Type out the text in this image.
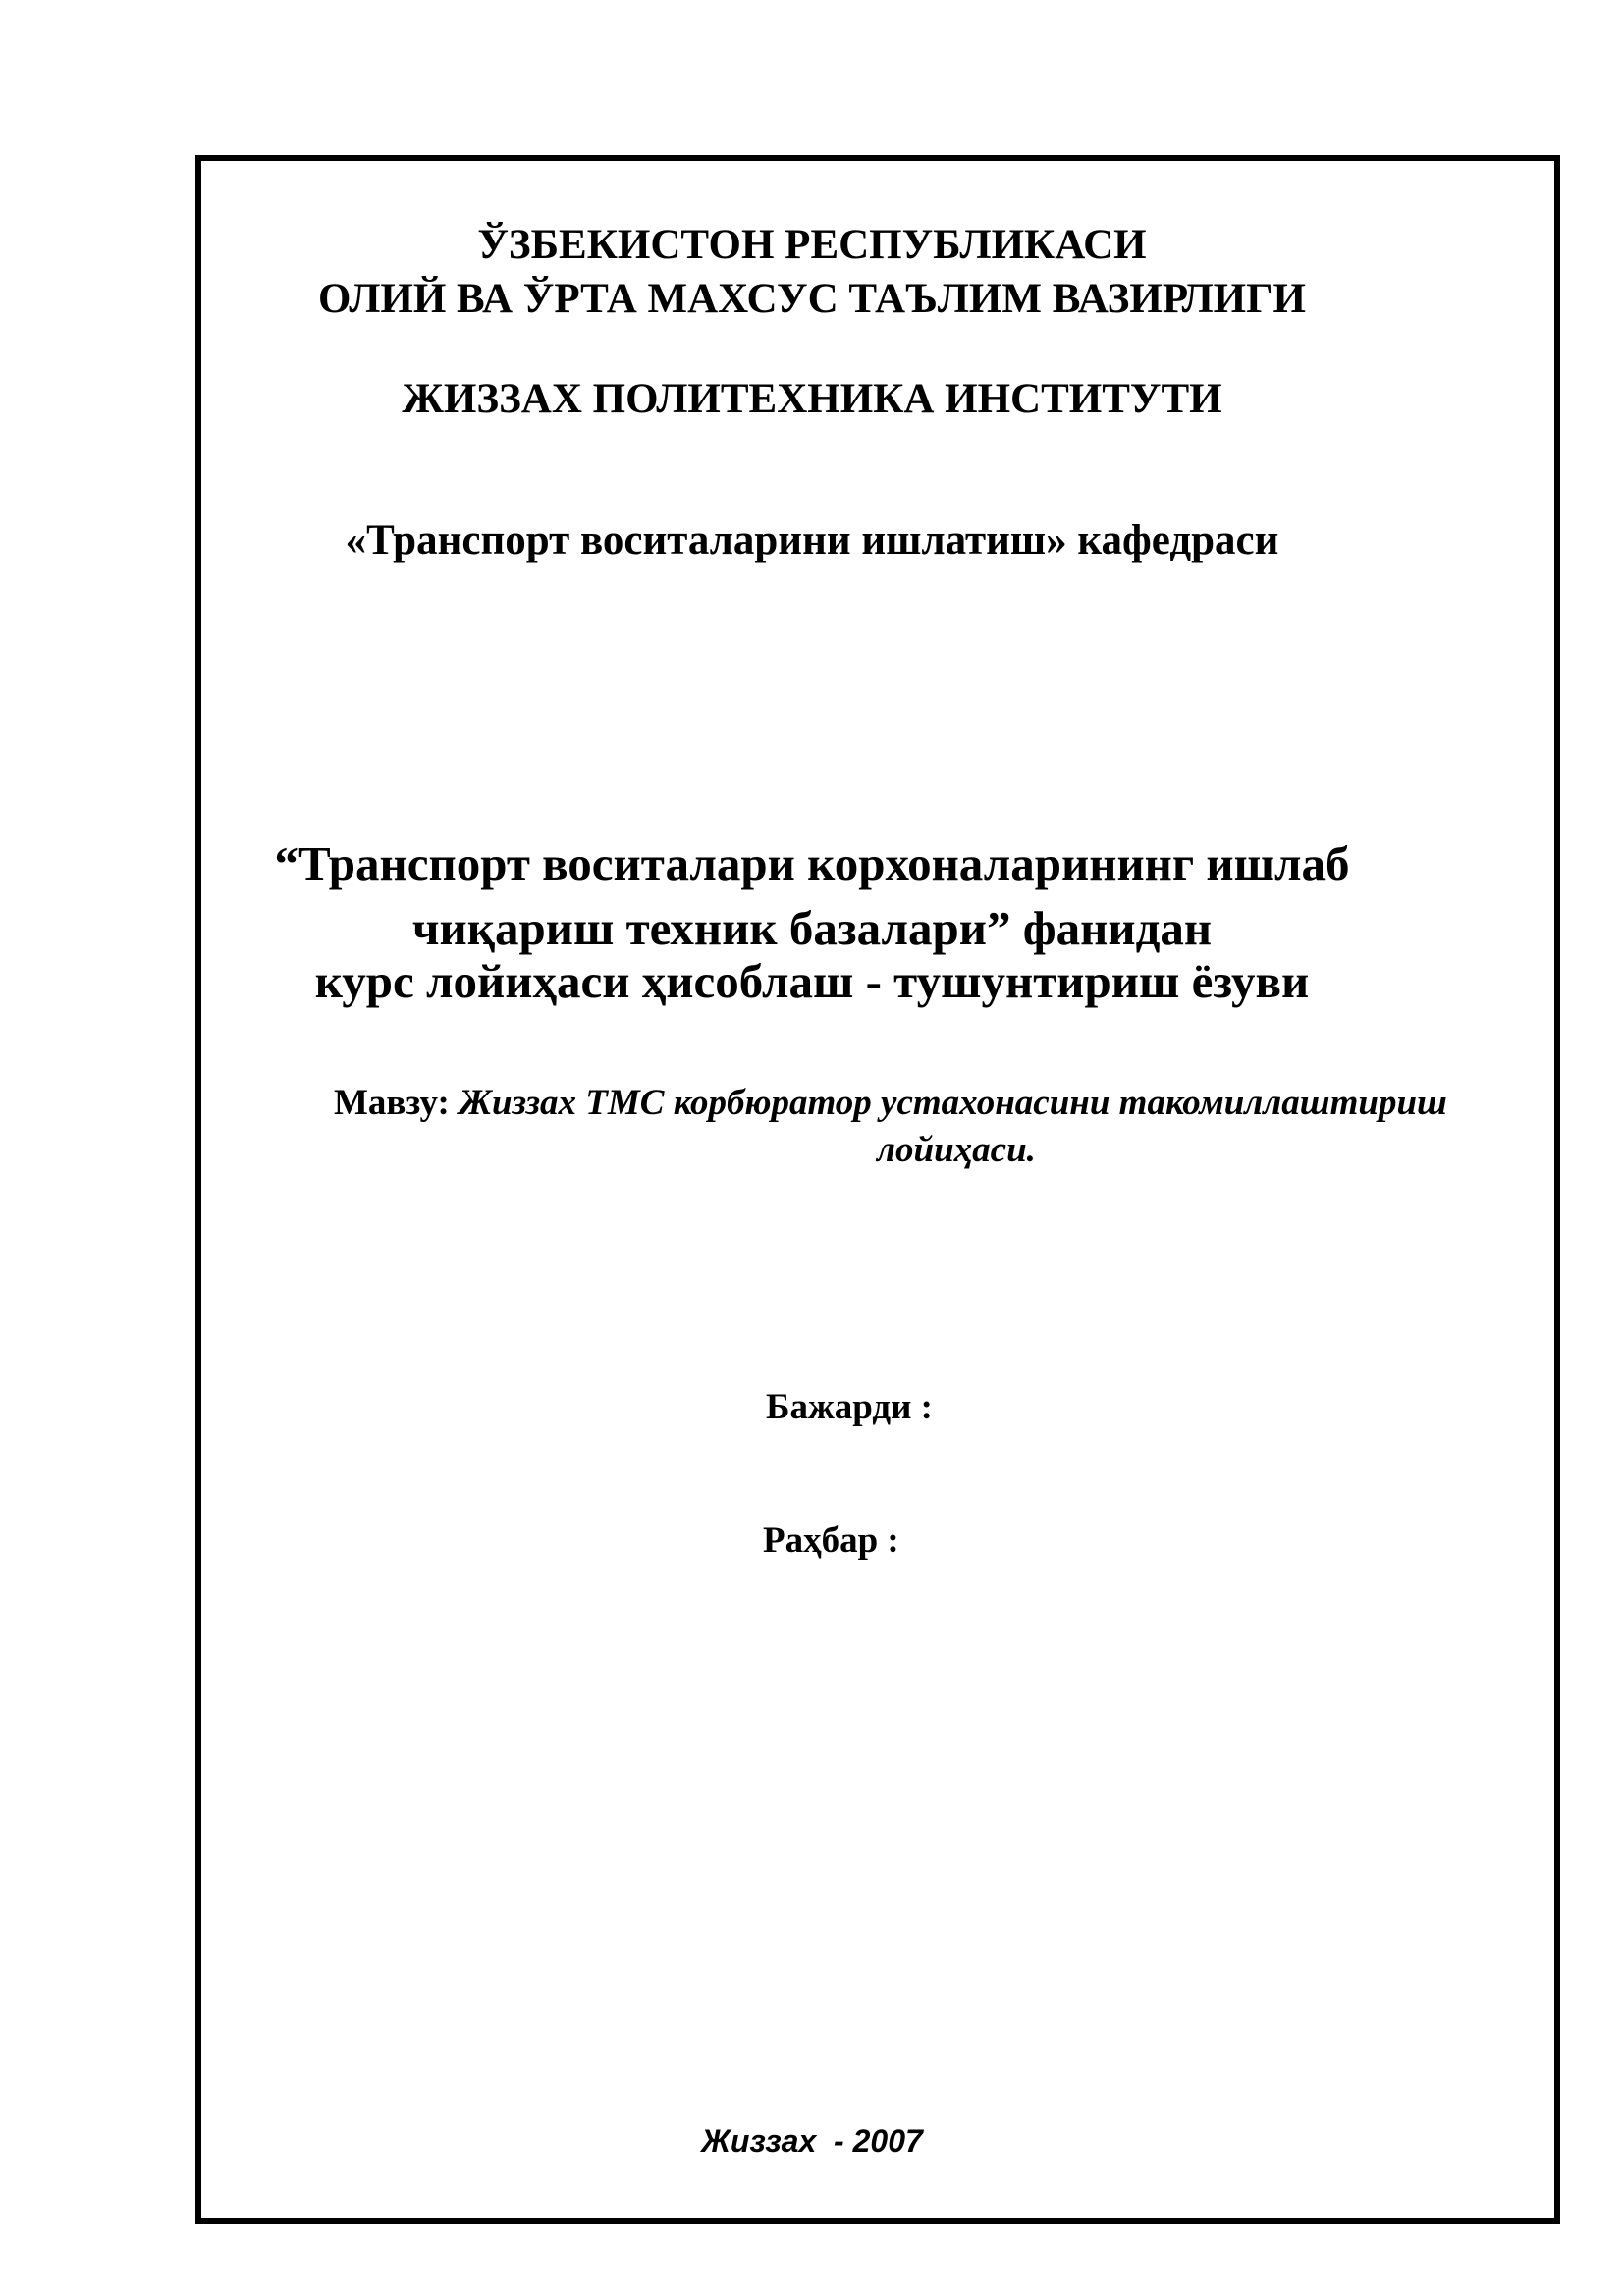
ЎЗБЕКИСТОН РЕСПУБЛИКАСИ
ОЛИЙ ВА ЎРТА МАХСУС ТАЪЛИМ ВАЗИРЛИГИ
ЖИЗЗАХ ПОЛИТЕХНИКА ИНСТИТУТИ
«Транспорт воситаларини ишлатиш» кафедраси
“Транспорт воситалари корхоналарининг ишлаб
чиқариш техник базалари” фанидан
курс лойиҳаси ҳисоблаш - тушунтириш ёзуви
Мавзу: Жиззах ТМС корбюратор устахонасини такомиллаштириш
лойиҳаси.
Бажарди :
Раҳбар :
Жиззах  - 2007
